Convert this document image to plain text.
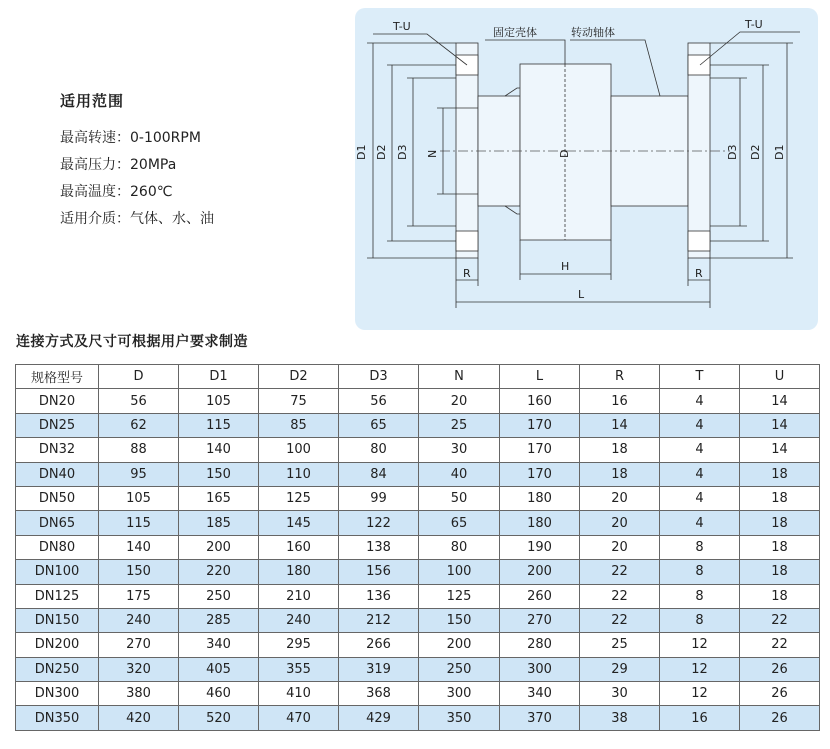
适用范围
最高转速：0-100RPM
最高压力：20MPa
最高温度：260℃
适用介质：气体、水、油
T-U	T-U
固定壳体	转动轴体
D1 D2 D3 N	D	D3 D2 D1
R
H
R
L
连接方式及尺寸可根据用户要求制造
规格型号	D	D1	D2	D3	N	L	R	T	U
DN20	56	105	75	56	20	160	16	4	14
DN25	62	115	85	65	25	170	14	4	14
DN32	88	140	100	80	30	170	18	4	14
DN40	95	150	110	84	40	170	18	4	18
DN50	105	165	125	99	50	180	20	4	18
DN65	115	185	145	122	65	180	20	4	18
DN80	140	200	160	138	80	190	20	8	18
DN100	150	220	180	156	100	200	22	8	18
DN125	175	250	210	136	125	260	22	8	18
DN150	240	285	240	212	150	270	22	8	22
DN200	270	340	295	266	200	280	25	12	22
DN250	320	405	355	319	250	300	29	12	26
DN300	380	460	410	368	300	340	30	12	26
DN350	420	520	470	429	350	370	38	16	26
